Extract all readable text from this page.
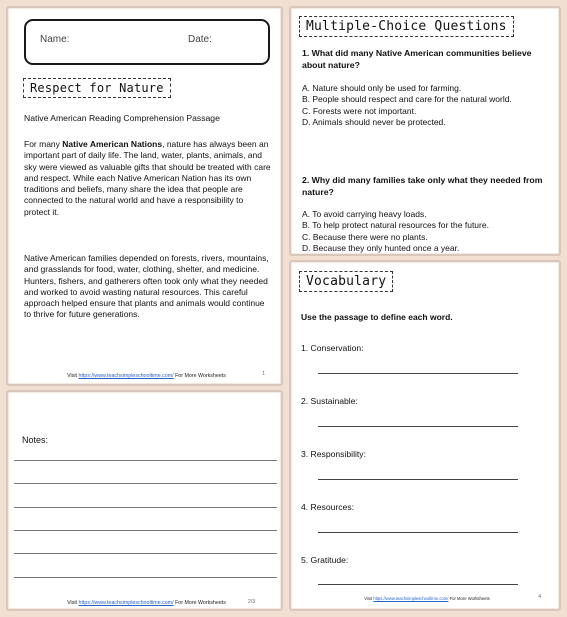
Name:	Date:
Respect for Nature
Native American Reading Comprehension Passage
For many Native American Nations, nature has always been an important part of daily life. The land, water, plants, animals, and sky were viewed as valuable gifts that should be treated with care and respect. While each Native American Nation has its own traditions and beliefs, many share the idea that people are connected to the natural world and have a responsibility to protect it.
Native American families depended on forests, rivers, mountains, and grasslands for food, water, clothing, shelter, and medicine. Hunters, fishers, and gatherers often took only what they needed and worked to avoid wasting natural resources. This careful approach helped ensure that plants and animals would continue to thrive for future generations.
Visit https://www.teachsimpleschooltime.com/ For More Worksheets	1
Notes:
Visit https://www.teachsimpleschooltime.com/ For More Worksheets	2/3
Multiple-Choice Questions
1. What did many Native American communities believe about nature?
A. Nature should only be used for farming.
B. People should respect and care for the natural world.
C. Forests were not important.
D. Animals should never be protected.
2. Why did many families take only what they needed from nature?
A. To avoid carrying heavy loads.
B. To help protect natural resources for the future.
C. Because there were no plants.
D. Because they only hunted once a year.
Vocabulary
Use the passage to define each word.
1. Conservation:
2. Sustainable:
3. Responsibility:
4. Resources:
5. Gratitude:
Visit https://www.teachsimpleschooltime.com/ For More Worksheets	4
